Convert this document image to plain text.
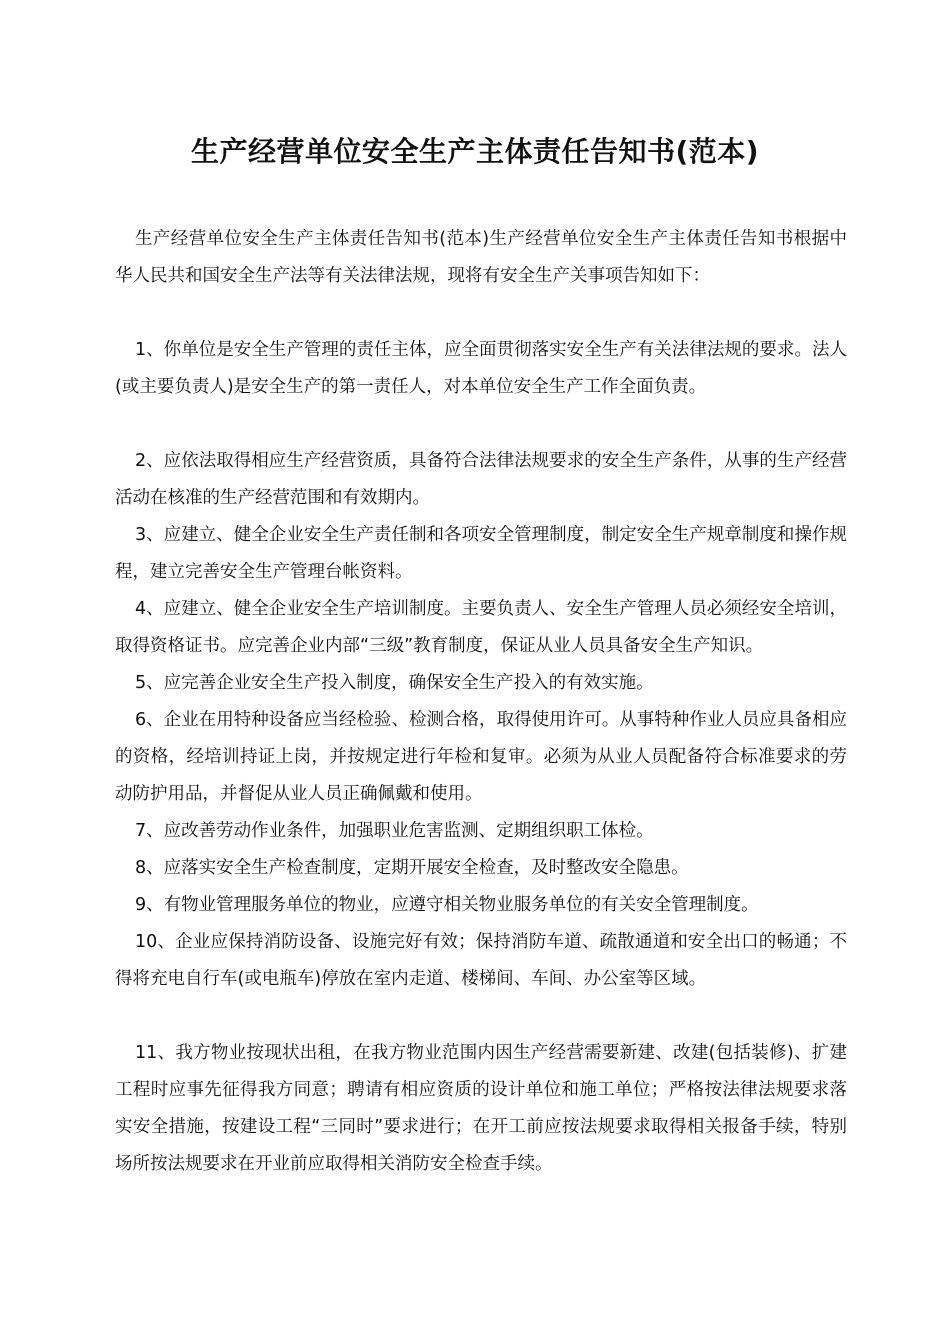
生产经营单位安全生产主体责任告知书(范本)

生产经营单位安全生产主体责任告知书(范本)生产经营单位安全生产主体责任告知书根据中华人民共和国安全生产法等有关法律法规，现将有安全生产关事项告知如下：

1、你单位是安全生产管理的责任主体，应全面贯彻落实安全生产有关法律法规的要求。法人(或主要负责人)是安全生产的第一责任人，对本单位安全生产工作全面负责。

2、应依法取得相应生产经营资质，具备符合法律法规要求的安全生产条件，从事的生产经营活动在核准的生产经营范围和有效期内。

3、应建立、健全企业安全生产责任制和各项安全管理制度，制定安全生产规章制度和操作规程，建立完善安全生产管理台帐资料。

4、应建立、健全企业安全生产培训制度。主要负责人、安全生产管理人员必须经安全培训，取得资格证书。应完善企业内部“三级”教育制度，保证从业人员具备安全生产知识。

5、应完善企业安全生产投入制度，确保安全生产投入的有效实施。

6、企业在用特种设备应当经检验、检测合格，取得使用许可。从事特种作业人员应具备相应的资格，经培训持证上岗，并按规定进行年检和复审。必须为从业人员配备符合标准要求的劳动防护用品，并督促从业人员正确佩戴和使用。

7、应改善劳动作业条件，加强职业危害监测、定期组织职工体检。

8、应落实安全生产检查制度，定期开展安全检查，及时整改安全隐患。

9、有物业管理服务单位的物业，应遵守相关物业服务单位的有关安全管理制度。

10、企业应保持消防设备、设施完好有效；保持消防车道、疏散通道和安全出口的畅通；不得将充电自行车(或电瓶车)停放在室内走道、楼梯间、车间、办公室等区域。

11、我方物业按现状出租，在我方物业范围内因生产经营需要新建、改建(包括装修)、扩建工程时应事先征得我方同意；聘请有相应资质的设计单位和施工单位；严格按法律法规要求落实安全措施，按建设工程“三同时”要求进行；在开工前应按法规要求取得相关报备手续，特别场所按法规要求在开业前应取得相关消防安全检查手续。
